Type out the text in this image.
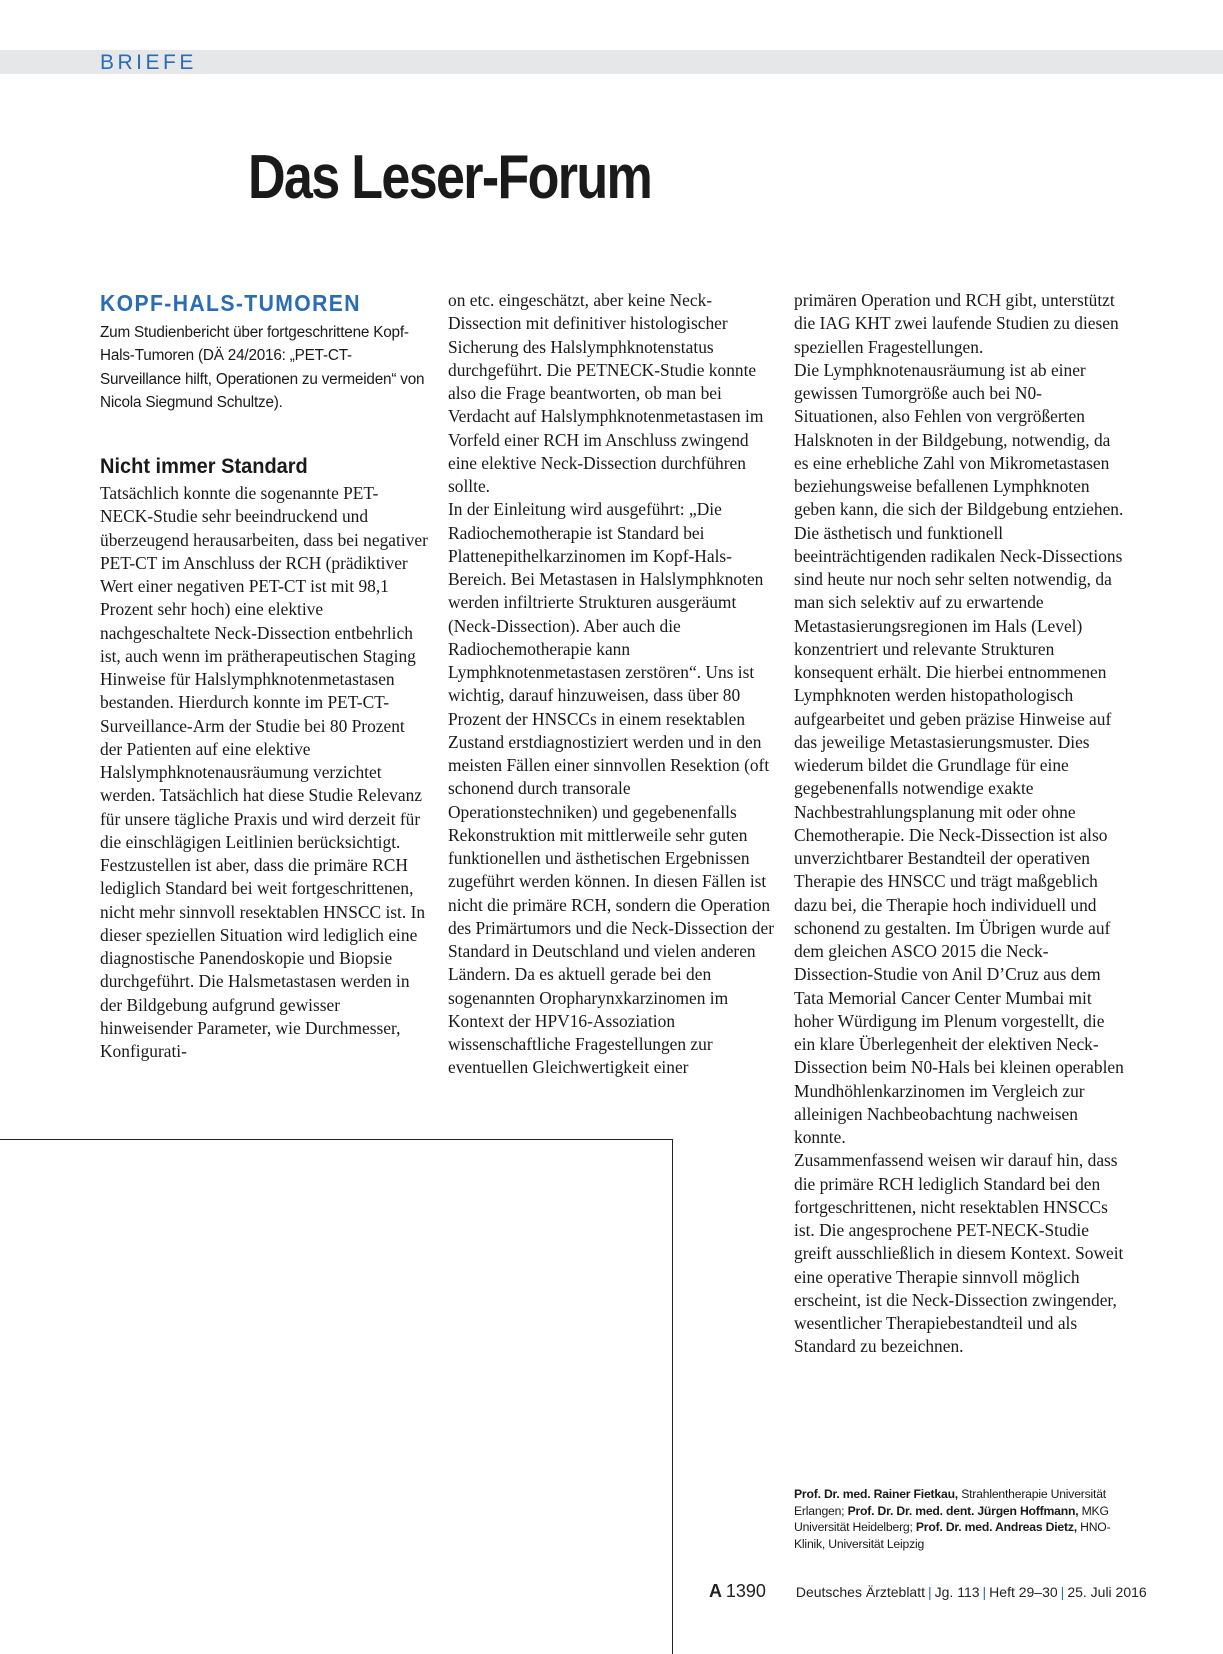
BRIEFE
Das Leser-Forum
KOPF-HALS-TUMOREN

Zum Studienbericht über fortgeschrittene Kopf-Hals-Tumoren (DÄ 24/2016: „PET-CT-Surveillance hilft, Operationen zu vermeiden“ von Nicola Siegmund Schultze).

Nicht immer Standard

Tatsächlich konnte die sogenannte PET-NECK-Studie sehr beeindruckend und überzeugend herausarbeiten, dass bei negativer PET-CT im Anschluss der RCH (prädiktiver Wert einer negativen PET-CT ist mit 98,1 Prozent sehr hoch) eine elektive nachgeschaltete Neck-Dissection entbehrlich ist, auch wenn im prätherapeutischen Staging Hinweise für Halslymphknotenmetastasen bestanden. Hierdurch konnte im PET-CT-Surveillance-Arm der Studie bei 80 Prozent der Patienten auf eine elektive Halslymphknotenausräumung verzichtet werden. Tatsächlich hat diese Studie Relevanz für unsere tägliche Praxis und wird derzeit für die einschlägigen Leitlinien berücksichtigt.

Festzustellen ist aber, dass die primäre RCH lediglich Standard bei weit fortgeschrittenen, nicht mehr sinnvoll resektablen HNSCC ist. In dieser speziellen Situation wird lediglich eine diagnostische Panendoskopie und Biopsie durchgeführt. Die Halsmetastasen werden in der Bildgebung aufgrund gewisser hinweisender Parameter, wie Durchmesser, Konfigurati-

on etc. eingeschätzt, aber keine Neck-Dissection mit definitiver histologischer Sicherung des Halslymphknotenstatus durchgeführt. Die PETNECK-Studie konnte also die Frage beantworten, ob man bei Verdacht auf Halslymphknotenmetastasen im Vorfeld einer RCH im Anschluss zwingend eine elektive Neck-Dissection durchführen sollte.

In der Einleitung wird ausgeführt: „Die Radiochemotherapie ist Standard bei Plattenepithelkarzinomen im Kopf-Hals-Bereich. Bei Metastasen in Halslymphknoten werden infiltrierte Strukturen ausgeräumt (Neck-Dissection). Aber auch die Radiochemotherapie kann Lymphknotenmetastasen zerstören“. Uns ist wichtig, darauf hinzuweisen, dass über 80 Prozent der HNSCCs in einem resektablen Zustand erstdiagnostiziert werden und in den meisten Fällen einer sinnvollen Resektion (oft schonend durch transorale Operationstechniken) und gegebenenfalls Rekonstruktion mit mittlerweile sehr guten funktionellen und ästhetischen Ergebnissen zugeführt werden können. In diesen Fällen ist nicht die primäre RCH, sondern die Operation des Primärtumors und die Neck-Dissection der Standard in Deutschland und vielen anderen Ländern. Da es aktuell gerade bei den sogenannten Oropharynxkarzinomen im Kontext der HPV16-Assoziation wissenschaftliche Fragestellungen zur eventuellen Gleichwertigkeit einer

primären Operation und RCH gibt, unterstützt die IAG KHT zwei laufende Studien zu diesen speziellen Fragestellungen.

Die Lymphknotenausräumung ist ab einer gewissen Tumorgröße auch bei N0-Situationen, also Fehlen von vergrößerten Halsknoten in der Bildgebung, notwendig, da es eine erhebliche Zahl von Mikrometastasen beziehungsweise befallenen Lymphknoten geben kann, die sich der Bildgebung entziehen. Die ästhetisch und funktionell beeinträchtigenden radikalen Neck-Dissections sind heute nur noch sehr selten notwendig, da man sich selektiv auf zu erwartende Metastasierungsregionen im Hals (Level) konzentriert und relevante Strukturen konsequent erhält. Die hierbei entnommenen Lymphknoten werden histopathologisch aufgearbeitet und geben präzise Hinweise auf das jeweilige Metastasierungsmuster. Dies wiederum bildet die Grundlage für eine gegebenenfalls notwendige exakte Nachbestrahlungsplanung mit oder ohne Chemotherapie. Die Neck-Dissection ist also unverzichtbarer Bestandteil der operativen Therapie des HNSCC und trägt maßgeblich dazu bei, die Therapie hoch individuell und schonend zu gestalten. Im Übrigen wurde auf dem gleichen ASCO 2015 die Neck-Dissection-Studie von Anil D’Cruz aus dem Tata Memorial Cancer Center Mumbai mit hoher Würdigung im Plenum vorgestellt, die ein klare Überlegenheit der elektiven Neck-Dissection beim N0-Hals bei kleinen operablen Mundhöhlenkarzinomen im Vergleich zur alleinigen Nachbeobachtung nachweisen konnte.

Zusammenfassend weisen wir darauf hin, dass die primäre RCH lediglich Standard bei den fortgeschrittenen, nicht resektablen HNSCCs ist. Die angesprochene PET-NECK-Studie greift ausschließlich in diesem Kontext. Soweit eine operative Therapie sinnvoll möglich erscheint, ist die Neck-Dissection zwingender, wesentlicher Therapiebestandteil und als Standard zu bezeichnen.

Prof. Dr. med. Rainer Fietkau, Strahlentherapie Universität Erlangen; Prof. Dr. Dr. med. dent. Jürgen Hoffmann, MKG Universität Heidelberg; Prof. Dr. med. Andreas Dietz, HNO-Klinik, Universität Leipzig
A 1390 Deutsches Ärzteblatt | Jg. 113 | Heft 29–30 | 25. Juli 2016
